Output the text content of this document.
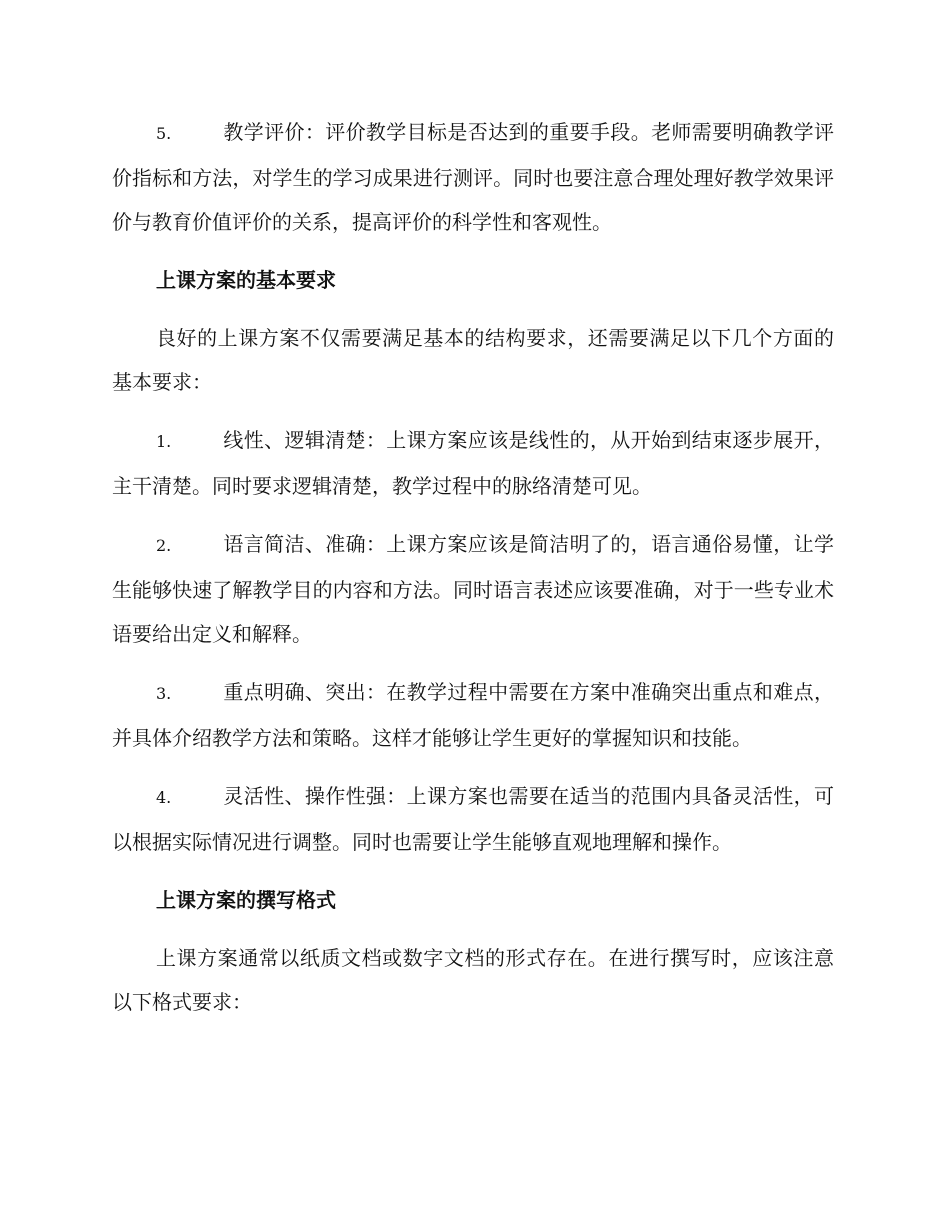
5.	教学评价：评价教学目标是否达到的重要手段。老师需要明确教学评价指标和方法，对学生的学习成果进行测评。同时也要注意合理处理好教学效果评价与教育价值评价的关系，提高评价的科学性和客观性。

上课方案的基本要求

良好的上课方案不仅需要满足基本的结构要求，还需要满足以下几个方面的基本要求：

1.	线性、逻辑清楚：上课方案应该是线性的，从开始到结束逐步展开，主干清楚。同时要求逻辑清楚，教学过程中的脉络清楚可见。

2.	语言简洁、准确：上课方案应该是简洁明了的，语言通俗易懂，让学生能够快速了解教学目的内容和方法。同时语言表述应该要准确，对于一些专业术语要给出定义和解释。

3.	重点明确、突出：在教学过程中需要在方案中准确突出重点和难点，并具体介绍教学方法和策略。这样才能够让学生更好的掌握知识和技能。

4.	灵活性、操作性强：上课方案也需要在适当的范围内具备灵活性，可以根据实际情况进行调整。同时也需要让学生能够直观地理解和操作。

上课方案的撰写格式

上课方案通常以纸质文档或数字文档的形式存在。在进行撰写时，应该注意以下格式要求：
